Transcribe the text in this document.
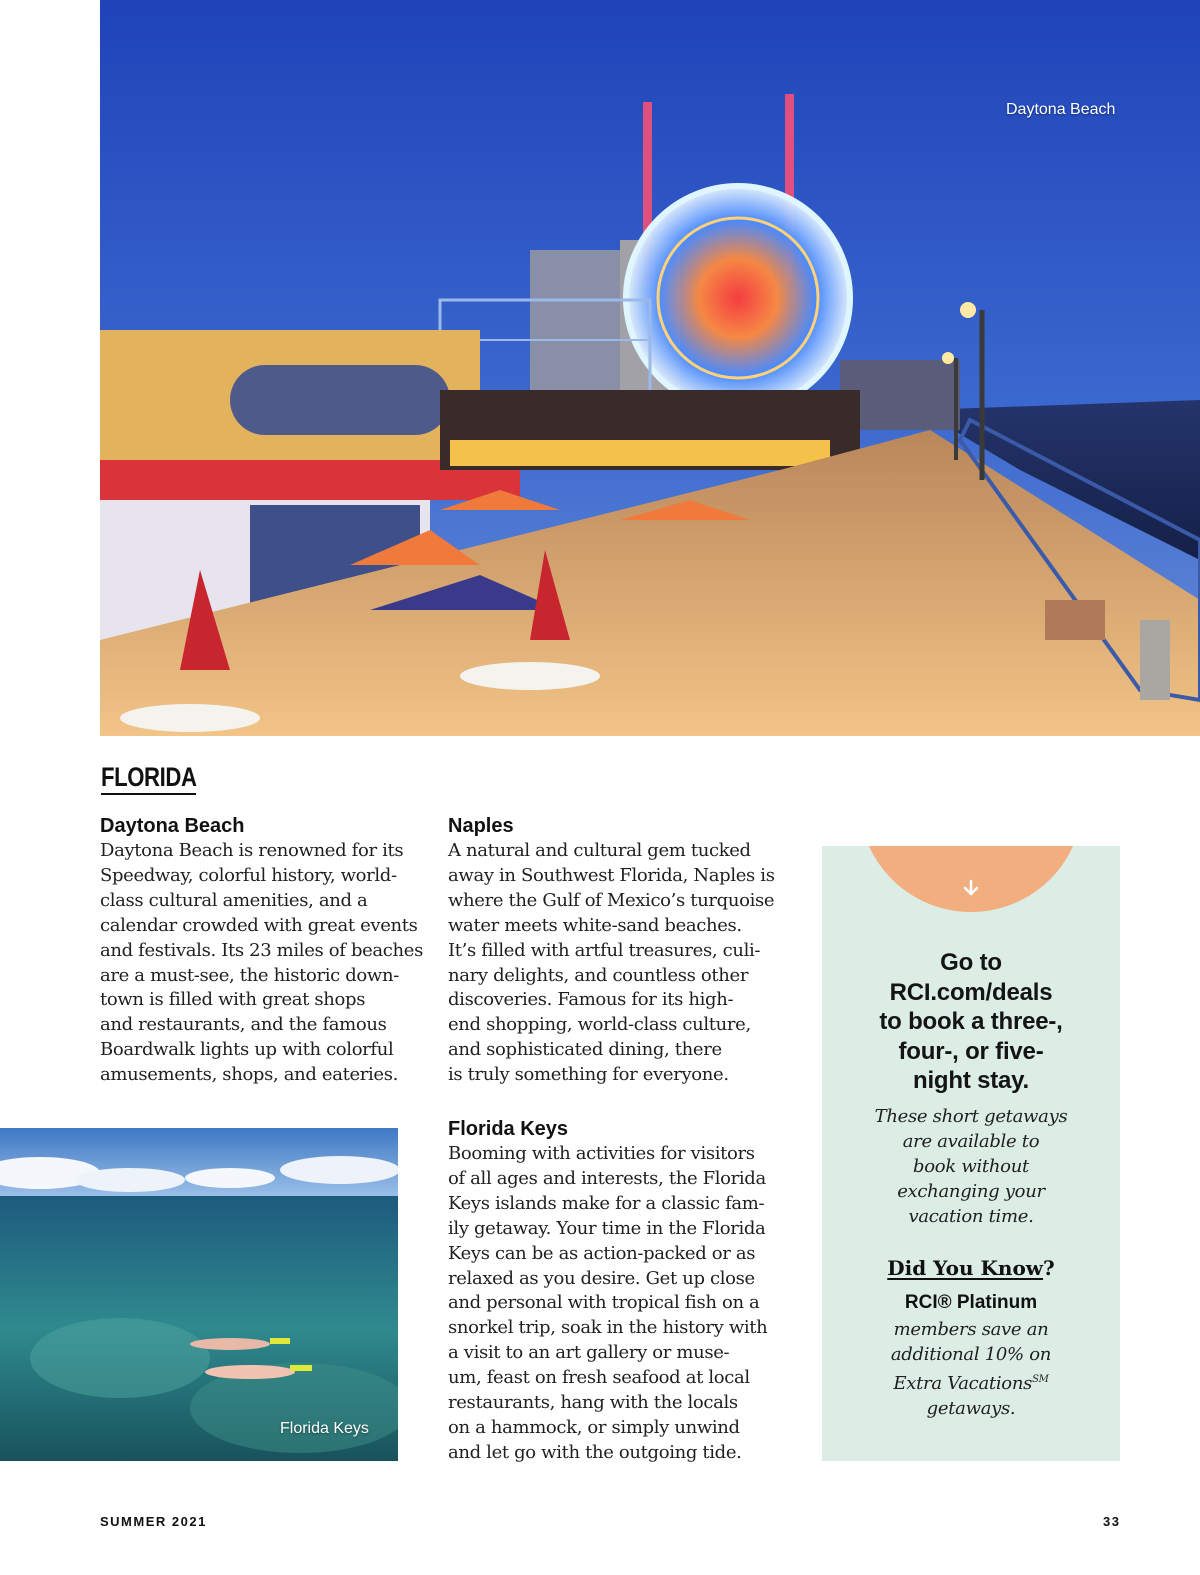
Daytona Beach
FLORIDA
Daytona Beach

Daytona Beach is renowned for its
Speedway, colorful history, world-
class cultural amenities, and a
calendar crowded with great events
and festivals. Its 23 miles of beaches
are a must-see, the historic down-
town is filled with great shops
and restaurants, and the famous
Boardwalk lights up with colorful
amusements, shops, and eateries.

Naples

A natural and cultural gem tucked
away in Southwest Florida, Naples is
where the Gulf of Mexico’s turquoise
water meets white-sand beaches.
It’s filled with artful treasures, culi-
nary delights, and countless other
discoveries. Famous for its high-
end shopping, world-class culture,
and sophisticated dining, there
is truly something for everyone.

Florida Keys

Booming with activities for visitors
of all ages and interests, the Florida
Keys islands make for a classic fam-
ily getaway. Your time in the Florida
Keys can be as action-packed or as
relaxed as you desire. Get up close
and personal with tropical fish on a
snorkel trip, soak in the history with
a visit to an art gallery or muse-
um, feast on fresh seafood at local
restaurants, hang with the locals
on a hammock, or simply unwind
and let go with the outgoing tide.

Florida Keys
Go to
RCI.com/deals
to book a three-,
four-, or five-
night stay.
These short getaways
are available to
book without
exchanging your
vacation time.
Did You Know?
RCI® Platinum
members save an
additional 10% on
Extra Vacations℠
getaways.
SUMMER 2021	33
